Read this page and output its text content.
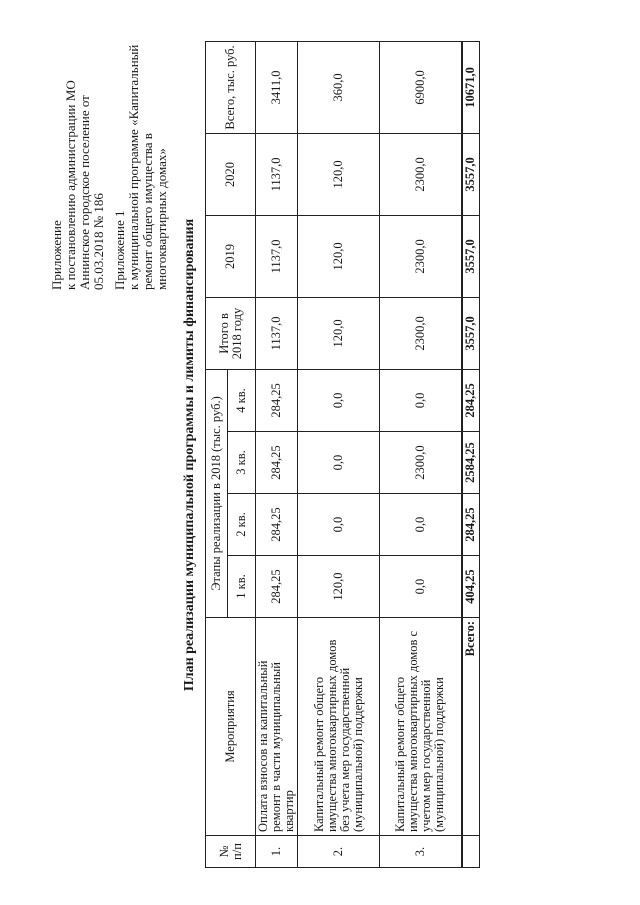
Приложение к постановлению администрации МО Аннинское городское поселение от 05.03.2018 № 186 Приложение 1 к муниципальной программе «Капитальный ремонт общего имущества в многоквартирных домах» План реализации муниципальной программы и лимиты финансирования
№ п/п	Мероприятия	Этапы реализации в 2018 (тыс. руб.)				Итого в 2018 году	2019	2020	Всего, тыс. руб.
		1 кв.	2 кв.	3 кв.	4 кв.				
1.	Оплата взносов на капитальный ремонт в части муниципальный квартир	284,25	284,25	284,25	284,25	1137,0	1137,0	1137,0	3411,0
2.	Капитальный ремонт общего имущества многоквартирных домов без учета мер государственной (муниципальной) поддержки	120,0	0,0	0,0	0,0	120,0	120,0	120,0	360,0
3.	Капитальный ремонт общего имущества многоквартирных домов с учетом мер государственной (муниципальной) поддержки	0,0	0,0	2300,0	0,0	2300,0	2300,0	2300,0	6900,0
	Всего:	404,25	284,25	2584,25	284,25	3557,0	3557,0	3557,0	10671,0
